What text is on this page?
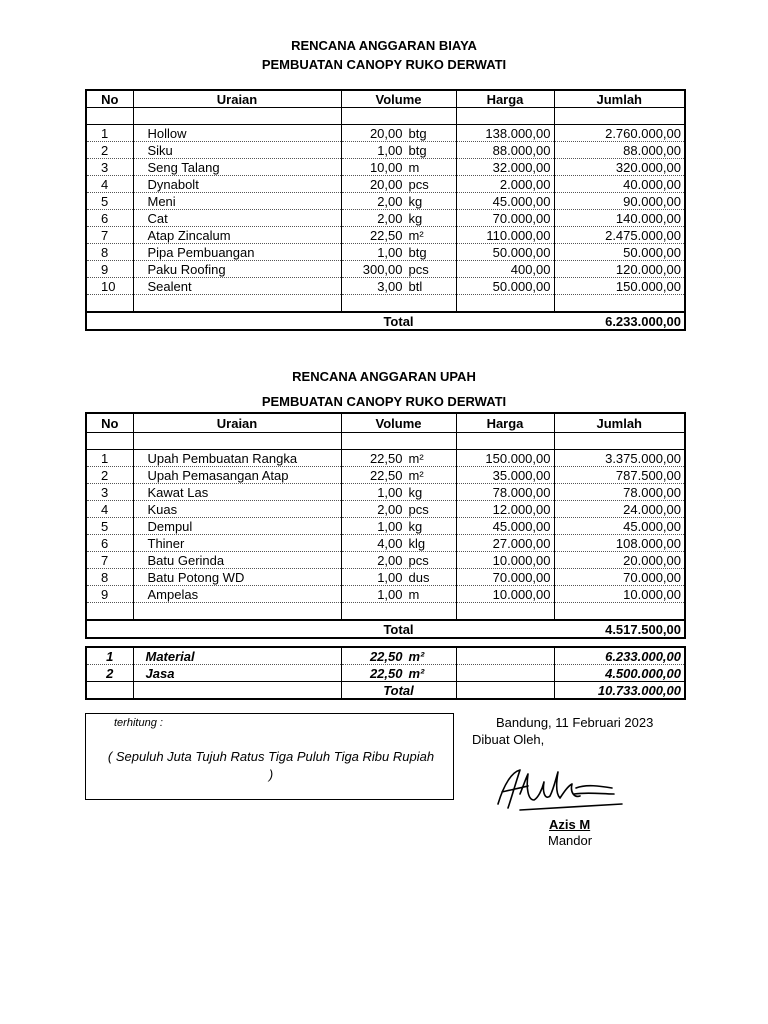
RENCANA ANGGARAN BIAYA
PEMBUATAN CANOPY RUKO DERWATI
No	Uraian	Volume	Harga	Jumlah

1	Hollow	20,00 btg	138.000,00	2.760.000,00
2	Siku	1,00 btg	88.000,00	88.000,00
3	Seng Talang	10,00 m	32.000,00	320.000,00
4	Dynabolt	20,00 pcs	2.000,00	40.000,00
5	Meni	2,00 kg	45.000,00	90.000,00
6	Cat	2,00 kg	70.000,00	140.000,00
7	Atap Zincalum	22,50 m²	110.000,00	2.475.000,00
8	Pipa Pembuangan	1,00 btg	50.000,00	50.000,00
9	Paku Roofing	300,00 pcs	400,00	120.000,00
10	Sealent	3,00 btl	50.000,00	150.000,00

		Total		6.233.000,00
RENCANA ANGGARAN UPAH
PEMBUATAN CANOPY RUKO DERWATI
No	Uraian	Volume	Harga	Jumlah

1	Upah Pembuatan Rangka	22,50 m²	150.000,00	3.375.000,00
2	Upah Pemasangan Atap	22,50 m²	35.000,00	787.500,00
3	Kawat Las	1,00 kg	78.000,00	78.000,00
4	Kuas	2,00 pcs	12.000,00	24.000,00
5	Dempul	1,00 kg	45.000,00	45.000,00
6	Thiner	4,00 klg	27.000,00	108.000,00
7	Batu Gerinda	2,00 pcs	10.000,00	20.000,00
8	Batu Potong WD	1,00 dus	70.000,00	70.000,00
9	Ampelas	1,00 m	10.000,00	10.000,00

		Total		4.517.500,00
1	Material	22,50 m²		6.233.000,00
2	Jasa	22,50 m²		4.500.000,00
		Total		10.733.000,00
terhitung :
( Sepuluh Juta Tujuh Ratus Tiga Puluh Tiga Ribu Rupiah )
Bandung, 11 Februari 2023
Dibuat Oleh,
Azis M
Mandor
